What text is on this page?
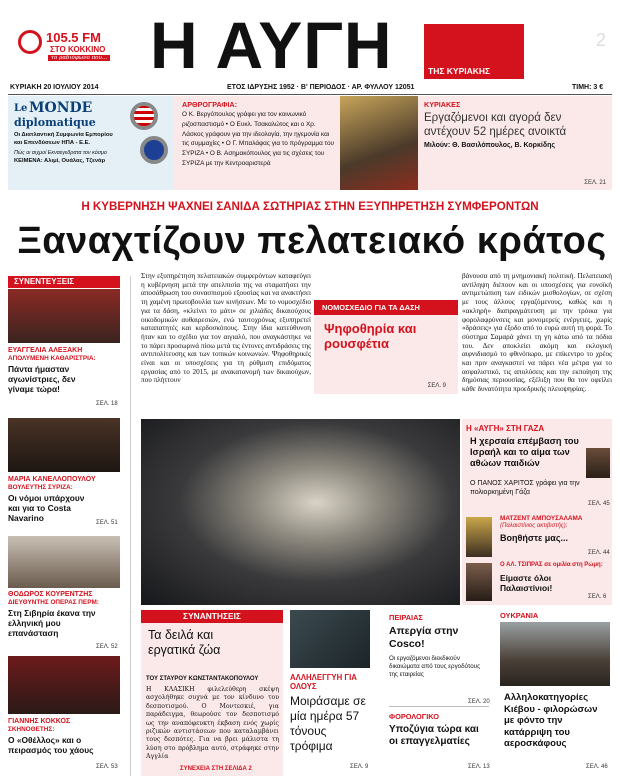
105.5 FM
ΣΤΟ ΚΟΚΚΙΝΟ
το ραδιόφωνο που... Η ΑΥΓΗ	ΤΗΣ ΚΥΡΙΑΚΗΣ
2
ΚΥΡΙΑΚΗ 20 ΙΟΥΛΙΟΥ 2014	ΕΤΟΣ ΙΔΡΥΣΗΣ 1952 · Β' ΠΕΡΙΟΔΟΣ · ΑΡ. ΦΥΛΛΟΥ 12051	ΤΙΜΗ: 3 €
Le MONDE
diplomatique
Οι Διατλαντική Συμφωνία Εμπορίου
και Επενδύσεων ΗΠΑ - Ε.Ε.
Πώς οι αιχμοί Εκναεγεδρατα τον κόσμο
ΚΕΙΜΕΝΑ: Αλιμί, Ουάλας, Τζενάρ
ΑΡΘΡΟΓΡΑΦΙΑ:
Ο Κ. Βεργόπουλος γράφει για τον κοινωνικό ριζοσπαστισμό • Ο Ευκλ. Τσακαλώτος και ο Χρ. Λάσκος γράφουν για την ιδεολογία, την ηγεμονία και τις συμμαχίες • Ο Γ. Μπαλάφας για το πρόγραμμα του ΣΥΡΙΖΑ • Ο Β. Ασημακόπουλος για τις σχέσεις του ΣΥΡΙΖΑ με την Κεντροαριστερά
ΚΥΡΙΑΚΕΣ
Εργαζόμενοι και αγορά δεν αντέχουν 52 ημέρες ανοικτά
Μιλούν: Θ. Βασιλόπουλος, Β. Κορκίδης
ΣΕΛ. 21
Η ΚΥΒΕΡΝΗΣΗ ΨΑΧΝΕΙ ΣΑΝΙΔΑ ΣΩΤΗΡΙΑΣ ΣΤΗΝ ΕΞΥΠΗΡΕΤΗΣΗ ΣΥΜΦΕΡΟΝΤΩΝ
Ξαναχτίζουν πελατειακό κράτος
ΣΥΝΕΝΤΕΥΞΕΙΣ
ΕΥΑΓΓΕΛΙΑ ΑΛΕΞΑΚΗ
ΑΠΟΛΥΜΕΝΗ ΚΑΘΑΡΙΣΤΡΙΑ:
Πάντα ήμασταν αγωνίστριες, δεν γίναμε τώρα!
ΣΕΛ. 18
ΜΑΡΙΑ ΚΑΝΕΛΛΟΠΟΥΛΟΥ
ΒΟΥΛΕΥΤΗΣ ΣΥΡΙΖΑ:
Οι νόμοι υπάρχουν και για το Costa Navarino	ΣΕΛ. 51
ΘΟΔΩΡΟΣ ΚΟΥΡΕΝΤΖΗΣ
ΔΙΕΥΘΥΝΤΗΣ ΟΠΕΡΑΣ ΠΕΡΜ:
Στη Σιβηρία έκανα την ελληνική μου επανάσταση
ΣΕΛ. 52
ΓΙΑΝΝΗΣ ΚΟΚΚΟΣ
ΣΚΗΝΟΘΕΤΗΣ:
Ο «Οθέλλος» και ο πειρασμός του χάους
ΣΕΛ. 53

Στην εξυπηρέτηση πελατειακών συμφερόντων καταφεύγει η κυβέρνηση μετά την απελπισία της να σταματήσει την αποσάθρωση του συνασπισμού εξουσίας και να ανακτήσει τη χαμένη πρωτοβουλία των κινήσεων. Με το νομοσχέδιο για τα δάση, «κλείνει το μάτι» σε χιλιάδες δικαιούχους οικοδομικών αυθαιρεσιών, ενώ ταυτοχρόνως εξυπηρετεί καταπατητές και κερδοσκόπους. Στην ίδια κατεύθυνση ήταν και το σχέδιο για τον αιγιαλό, που αναγκάστηκε να το πάρει προσωρινά πίσω μετά τις έντονες αντιδράσεις της αντιπολίτευσης και των τοπικών κοινωνιών. Ψηφοθηρικές είναι και οι υποσχέσεις για τη ρύθμιση επιδόματος εργασίας από το 2015, με ανακατανομή των δικαιούχων, που πλήττουν

βάνουσα από τη μνημονιακή πολιτική. Πελατειακή αντίληψη διέπουν και οι υποσχέσεις για ευνοϊκή αντιμετώπιση των ειδικών μισθολογίων, σε σχέση με τους άλλους εργαζόμενους, καθώς και η «ακληρή» διαπραγμάτευση με την τρόικα για φορολαφρύνσεις και μονομερείς ενέργειες, χωρίς «δράσεις» για έξοδο από το ευρώ αυτή τη φορά. Το σύστημα Σαμαρά χάνει τη γη κάτω από τα πόδια του. Δεν αποκλείει ακόμη και εκλογική αιφνιδιασμό το φθινόπωρο, με επίκεντρο το χρέος και πριν αναγκαστεί να πάρει νέα μέτρα για το ασφαλιστικό, τις απολύσεις και την εκποίηση της δημόσιας περιουσίας, εξέλιξη που θα τον οφείλει κάθε δυνατότητα προεδρικής πλειοψηφίας.

ΝΟΜΟΣΧΕΔΙΟ ΓΙΑ ΤΑ ΔΑΣΗ
Ψηφοθηρία και ρουσφέτια
ΣΕΛ. 9
Η «ΑΥΓΗ» ΣΤΗ ΓΑΖΑ
Η χερσαία επέμβαση του Ισραήλ και το αίμα των αθώων παιδιών
Ο ΠΑΝΟΣ ΧΑΡΙΤΟΣ γράφει για την πολιορκημένη Γάζα
ΣΕΛ. 45
ΜΑΤΖΕΝΤ ΑΜΠΟΥΣΑΛΑΜΑ
(Παλαιστίνιος ακτιβιστής):
Βοηθήστε μας...
ΣΕΛ. 44
Ο ΑΛ. ΤΣΙΠΡΑΣ σε ομιλία στη Ρώμη:
Είμαστε όλοι Παλαιστίνιοι!
ΣΕΛ. 6
ΣΥΝΑΝΤΗΣΕΙΣ
Τα δειλά και εργατικά ζώα
ΤΟΥ ΣΤΑΥΡΟΥ ΚΩΝΣΤΑΝΤΑΚΟΠΟΥΛΟΥ
Η ΚΛΑΣΙΚΗ φιλελεύθερη σκέψη ασχολήθηκε συχνά με τον κίνδυνο του δεσποτισμού. Ο Μοντεσκιέ, για παράδειγμα, θεωρούσε τον δεσποτισμό ως την αναπόφευκτη έκβαση ενός χωρίς ριζικών αντιστάσεων που καταλαμβάνει τους δεσπότες. Για να βρει μάλιστα τη λύση στο πρόβλημα αυτό, στράφηκε στην Αγγλία
ΣΥΝΕΧΕΙΑ ΣΤΗ ΣΕΛΙΔΑ 2
ΑΛΛΗΛΕΓΓΥΗ ΓΙΑ ΟΛΟΥΣ
Μοιράσαμε σε μία ημέρα 57 τόνους τρόφιμα
ΣΕΛ. 9
ΠΕΙΡΑΙΑΣ
Απεργία στην Cosco!
Οι εργαζόμενοι διεκδικούν δικαιώματα από τους εργοδότους της εταιρείας
ΣΕΛ. 20
ΦΟΡΟΛΟΓΙΚΟ
Υποζύγια τώρα και οι επαγγελματίες
ΣΕΛ. 13
ΟΥΚΡΑΝΙΑ
Αλληλοκατηγορίες Κιέβου - φιλορώσων με φόντο την κατάρριψη του αεροσκάφους
ΣΕΛ. 46
